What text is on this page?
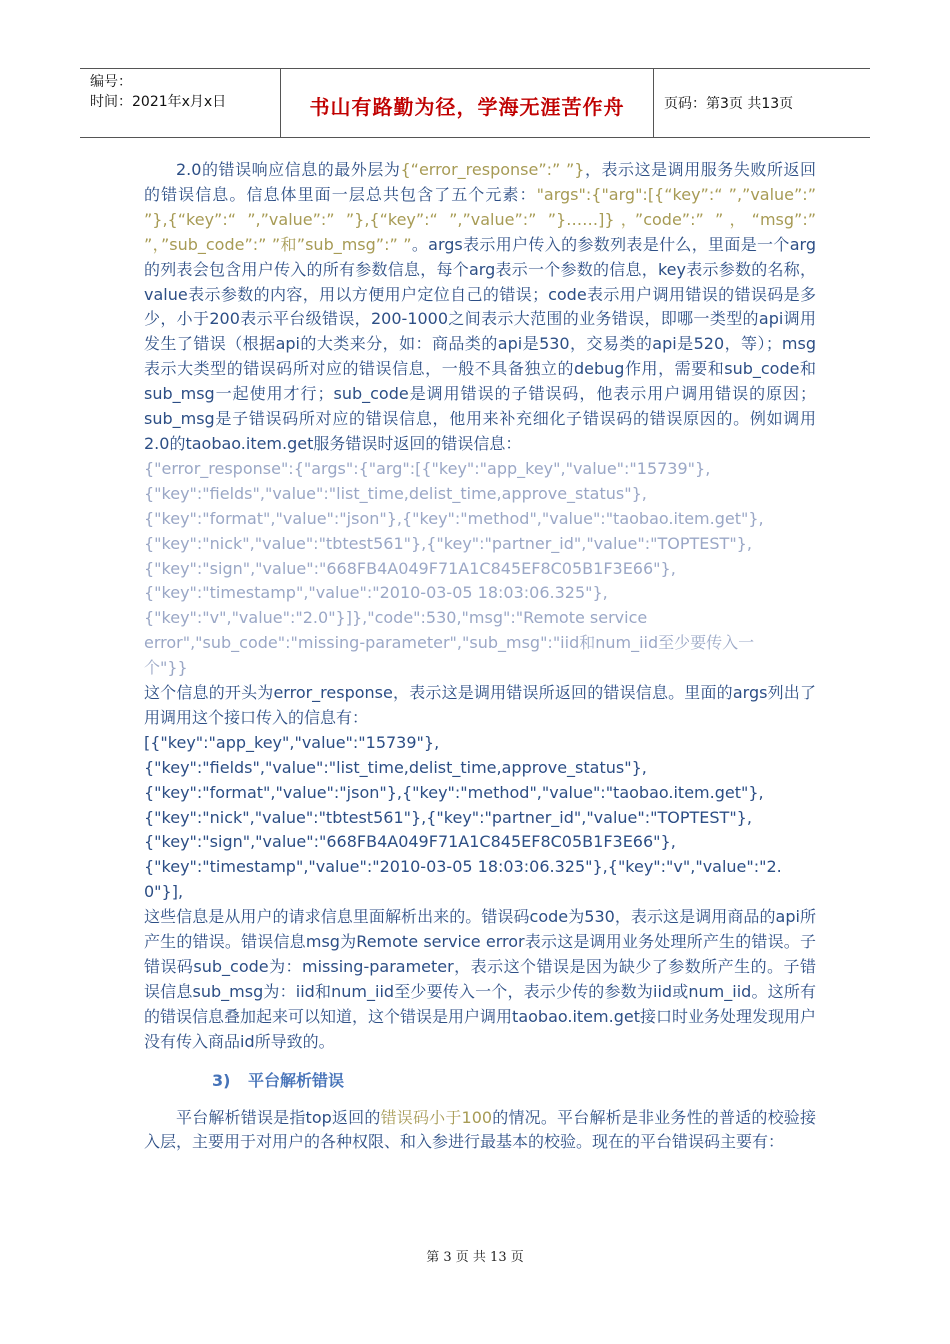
编号：
时间：2021年x月x日	书山有路勤为径，学海无涯苦作舟	页码：第3页 共13页

2.0的错误响应信息的最外层为{“error_response”:” ”}，表示这是调用服务失败所返回的错误信息。信息体里面一层总共包含了五个元素："args":{"arg":[{“key”:“ ”,”value”:” ”},{“key”:“ ”,”value”:” ”},{“key”:“ ”,”value”:” ”}……]}，”code”:” ”，“msg”:” ”，”sub_code”:” ”和”sub_msg”:” ”。args表示用户传入的参数列表是什么，里面是一个arg的列表会包含用户传入的所有参数信息，每个arg表示一个参数的信息，key表示参数的名称，value表示参数的内容，用以方便用户定位自己的错误；code表示用户调用错误的错误码是多少，小于200表示平台级错误，200-1000之间表示大范围的业务错误，即哪一类型的api调用发生了错误（根据api的大类来分，如：商品类的api是530，交易类的api是520，等）；msg表示大类型的错误码所对应的错误信息，一般不具备独立的debug作用，需要和sub_code和sub_msg一起使用才行；sub_code是调用错误的子错误码，他表示用户调用错误的原因；sub_msg是子错误码所对应的错误信息，他用来补充细化子错误码的错误原因的。例如调用2.0的taobao.item.get服务错误时返回的错误信息：

{"error_response":{"args":{"arg":[{"key":"app_key","value":"15739"},
{"key":"fields","value":"list_time,delist_time,approve_status"},
{"key":"format","value":"json"},{"key":"method","value":"taobao.item.get"},
{"key":"nick","value":"tbtest561"},{"key":"partner_id","value":"TOPTEST"},
{"key":"sign","value":"668FB4A049F71A1C845EF8C05B1F3E66"},
{"key":"timestamp","value":"2010-03-05 18:03:06.325"},
{"key":"v","value":"2.0"}]},"code":530,"msg":"Remote service
error","sub_code":"missing-parameter","sub_msg":"iid和num_iid至少要传入一
个"}}

这个信息的开头为error_response，表示这是调用错误所返回的错误信息。里面的args列出了用调用这个接口传入的信息有：

[{"key":"app_key","value":"15739"},
{"key":"fields","value":"list_time,delist_time,approve_status"},
{"key":"format","value":"json"},{"key":"method","value":"taobao.item.get"},
{"key":"nick","value":"tbtest561"},{"key":"partner_id","value":"TOPTEST"},
{"key":"sign","value":"668FB4A049F71A1C845EF8C05B1F3E66"},
{"key":"timestamp","value":"2010-03-05 18:03:06.325"},{"key":"v","value":"2.0"}],

这些信息是从用户的请求信息里面解析出来的。错误码code为530，表示这是调用商品的api所产生的错误。错误信息msg为Remote service error表示这是调用业务处理所产生的错误。子错误码sub_code为：missing-parameter，表示这个错误是因为缺少了参数所产生的。子错误信息sub_msg为：iid和num_iid至少要传入一个，表示少传的参数为iid或num_iid。这所有的错误信息叠加起来可以知道，这个错误是用户调用taobao.item.get接口时业务处理发现用户没有传入商品id所导致的。

3) 平台解析错误

平台解析错误是指top返回的错误码小于100的情况。平台解析是非业务性的普适的校验接入层，主要用于对用户的各种权限、和入参进行最基本的校验。现在的平台错误码主要有：

第 3 页 共 13 页
